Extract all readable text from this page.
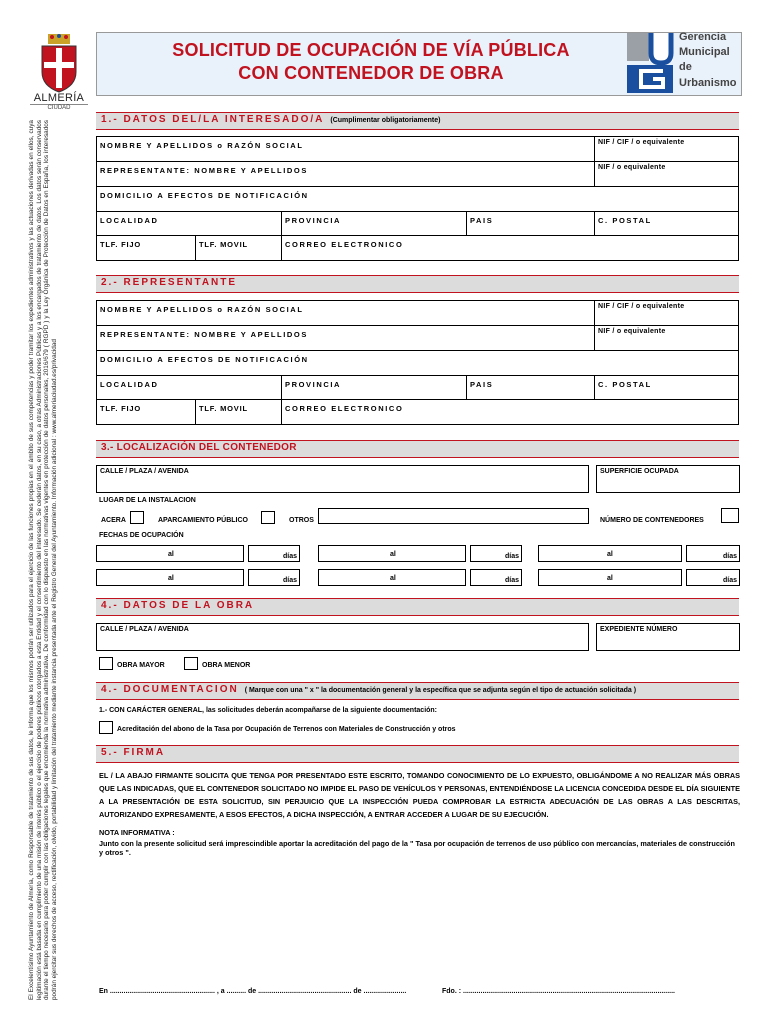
ALMERÍA
CIUDAD
SOLICITUD DE OCUPACIÓN DE VÍA PÚBLICA
CON CONTENEDOR DE OBRA
Gerencia
Municipal
de
Urbanismo
El Excelentísimo Ayuntamiento de Almería, como Responsable de tratamiento de sus datos, le informa que los mismos podrán ser utilizados para el ejercicio de las funciones propias en el ámbito de sus competencias y poder tramitar los expedientes administrativos y las actuaciones derivadas en ellos, cuya legitimación está basada en cumplimiento de una misión de interés público o el ejercicio de poderes públicos otorgados a esta Entidad y el consentimiento del interesado. Se cederán datos, en su caso, a otras Administraciones Públicas y a los encargados de tratamiento de datos. Los datos serán conservados durante el tiempo necesario para poder cumplir con las obligaciones legales que encomienda la normativa administrativa. De conformidad con lo dispuesto en las normativas vigentes en protección de datos personales, 2016/679 ( RGPD ) y la Ley Orgánica de Protección de Datos en España, los interesados podrán ejercitar sus derechos de acceso, rectificación, olvido, portabilidad y limitación del tratamiento mediante instancia presentada ante el Registro General del Ayuntamiento. Información adicional : www.almeriaciudad.es/privacidad
1.- DATOS DEL/LA INTERESADO/A (Cumplimentar obligatoriamente)
NOMBRE Y APELLIDOS o RAZÓN SOCIAL	NIF / CIF / o equivalente
REPRESENTANTE: NOMBRE Y APELLIDOS	NIF / o equivalente
DOMICILIO A EFECTOS DE NOTIFICACIÓN
LOCALIDAD	PROVINCIA	PAIS	C. POSTAL
TLF. FIJO	TLF. MOVIL	CORREO ELECTRONICO
2.- REPRESENTANTE
NOMBRE Y APELLIDOS o RAZÓN SOCIAL	NIF / CIF / o equivalente
REPRESENTANTE: NOMBRE Y APELLIDOS	NIF / o equivalente
DOMICILIO A EFECTOS DE NOTIFICACIÓN
LOCALIDAD	PROVINCIA	PAIS	C. POSTAL
TLF. FIJO	TLF. MOVIL	CORREO ELECTRONICO
3.- LOCALIZACIÓN DEL CONTENEDOR
CALLE / PLAZA / AVENIDA	SUPERFICIE OCUPADA
LUGAR DE LA INSTALACION
ACERA	APARCAMIENTO PÚBLICO	OTROS	NÚMERO DE CONTENEDORES
FECHAS DE OCUPACIÓN
al	días	al	días	al	días
al	días	al	días	al	días
4.- DATOS DE LA OBRA
CALLE / PLAZA / AVENIDA	EXPEDIENTE NÚMERO
OBRA MAYOR	OBRA MENOR
4.- DOCUMENTACION ( Marque con una " x " la documentación general y la específica que se adjunta según el tipo de actuación solicitada )
1.- CON CARÁCTER GENERAL, las solicitudes deberán acompañarse de la siguiente documentación:
Acreditación del abono de la Tasa por Ocupación de Terrenos con Materiales de Construcción y otros
5.- FIRMA
EL / LA ABAJO FIRMANTE SOLICITA QUE TENGA POR PRESENTADO ESTE ESCRITO, TOMANDO CONOCIMIENTO DE LO EXPUESTO, OBLIGÁNDOME A NO REALIZAR MÁS OBRAS QUE LAS INDICADAS, QUE EL CONTENEDOR SOLICITADO NO IMPIDE EL PASO DE VEHÍCULOS Y PERSONAS, ENTENDIÉNDOSE LA LICENCIA CONCEDIDA DESDE EL DÍA SIGUIENTE A LA PRESENTACIÓN DE ESTA SOLICITUD, SIN PERJUICIO QUE LA INSPECCIÓN PUEDA COMPROBAR LA ESTRICTA ADECUACIÓN DE LAS OBRAS A LAS DESCRITAS, AUTORIZANDO EXPRESAMENTE, A ESOS EFECTOS, A DICHA INSPECCIÓN, A ENTRAR ACCEDER A LUGAR DE SU EJECUCIÓN.
NOTA INFORMATIVA :
Junto con la presente solicitud será imprescindible aportar la acreditación del pago de la " Tasa por ocupación de terrenos de uso público con mercancías, materiales de construcción y otros ".
En ...................................................... , a .......... de ................................................ de ......................	Fdo. : .............................................................................................................
